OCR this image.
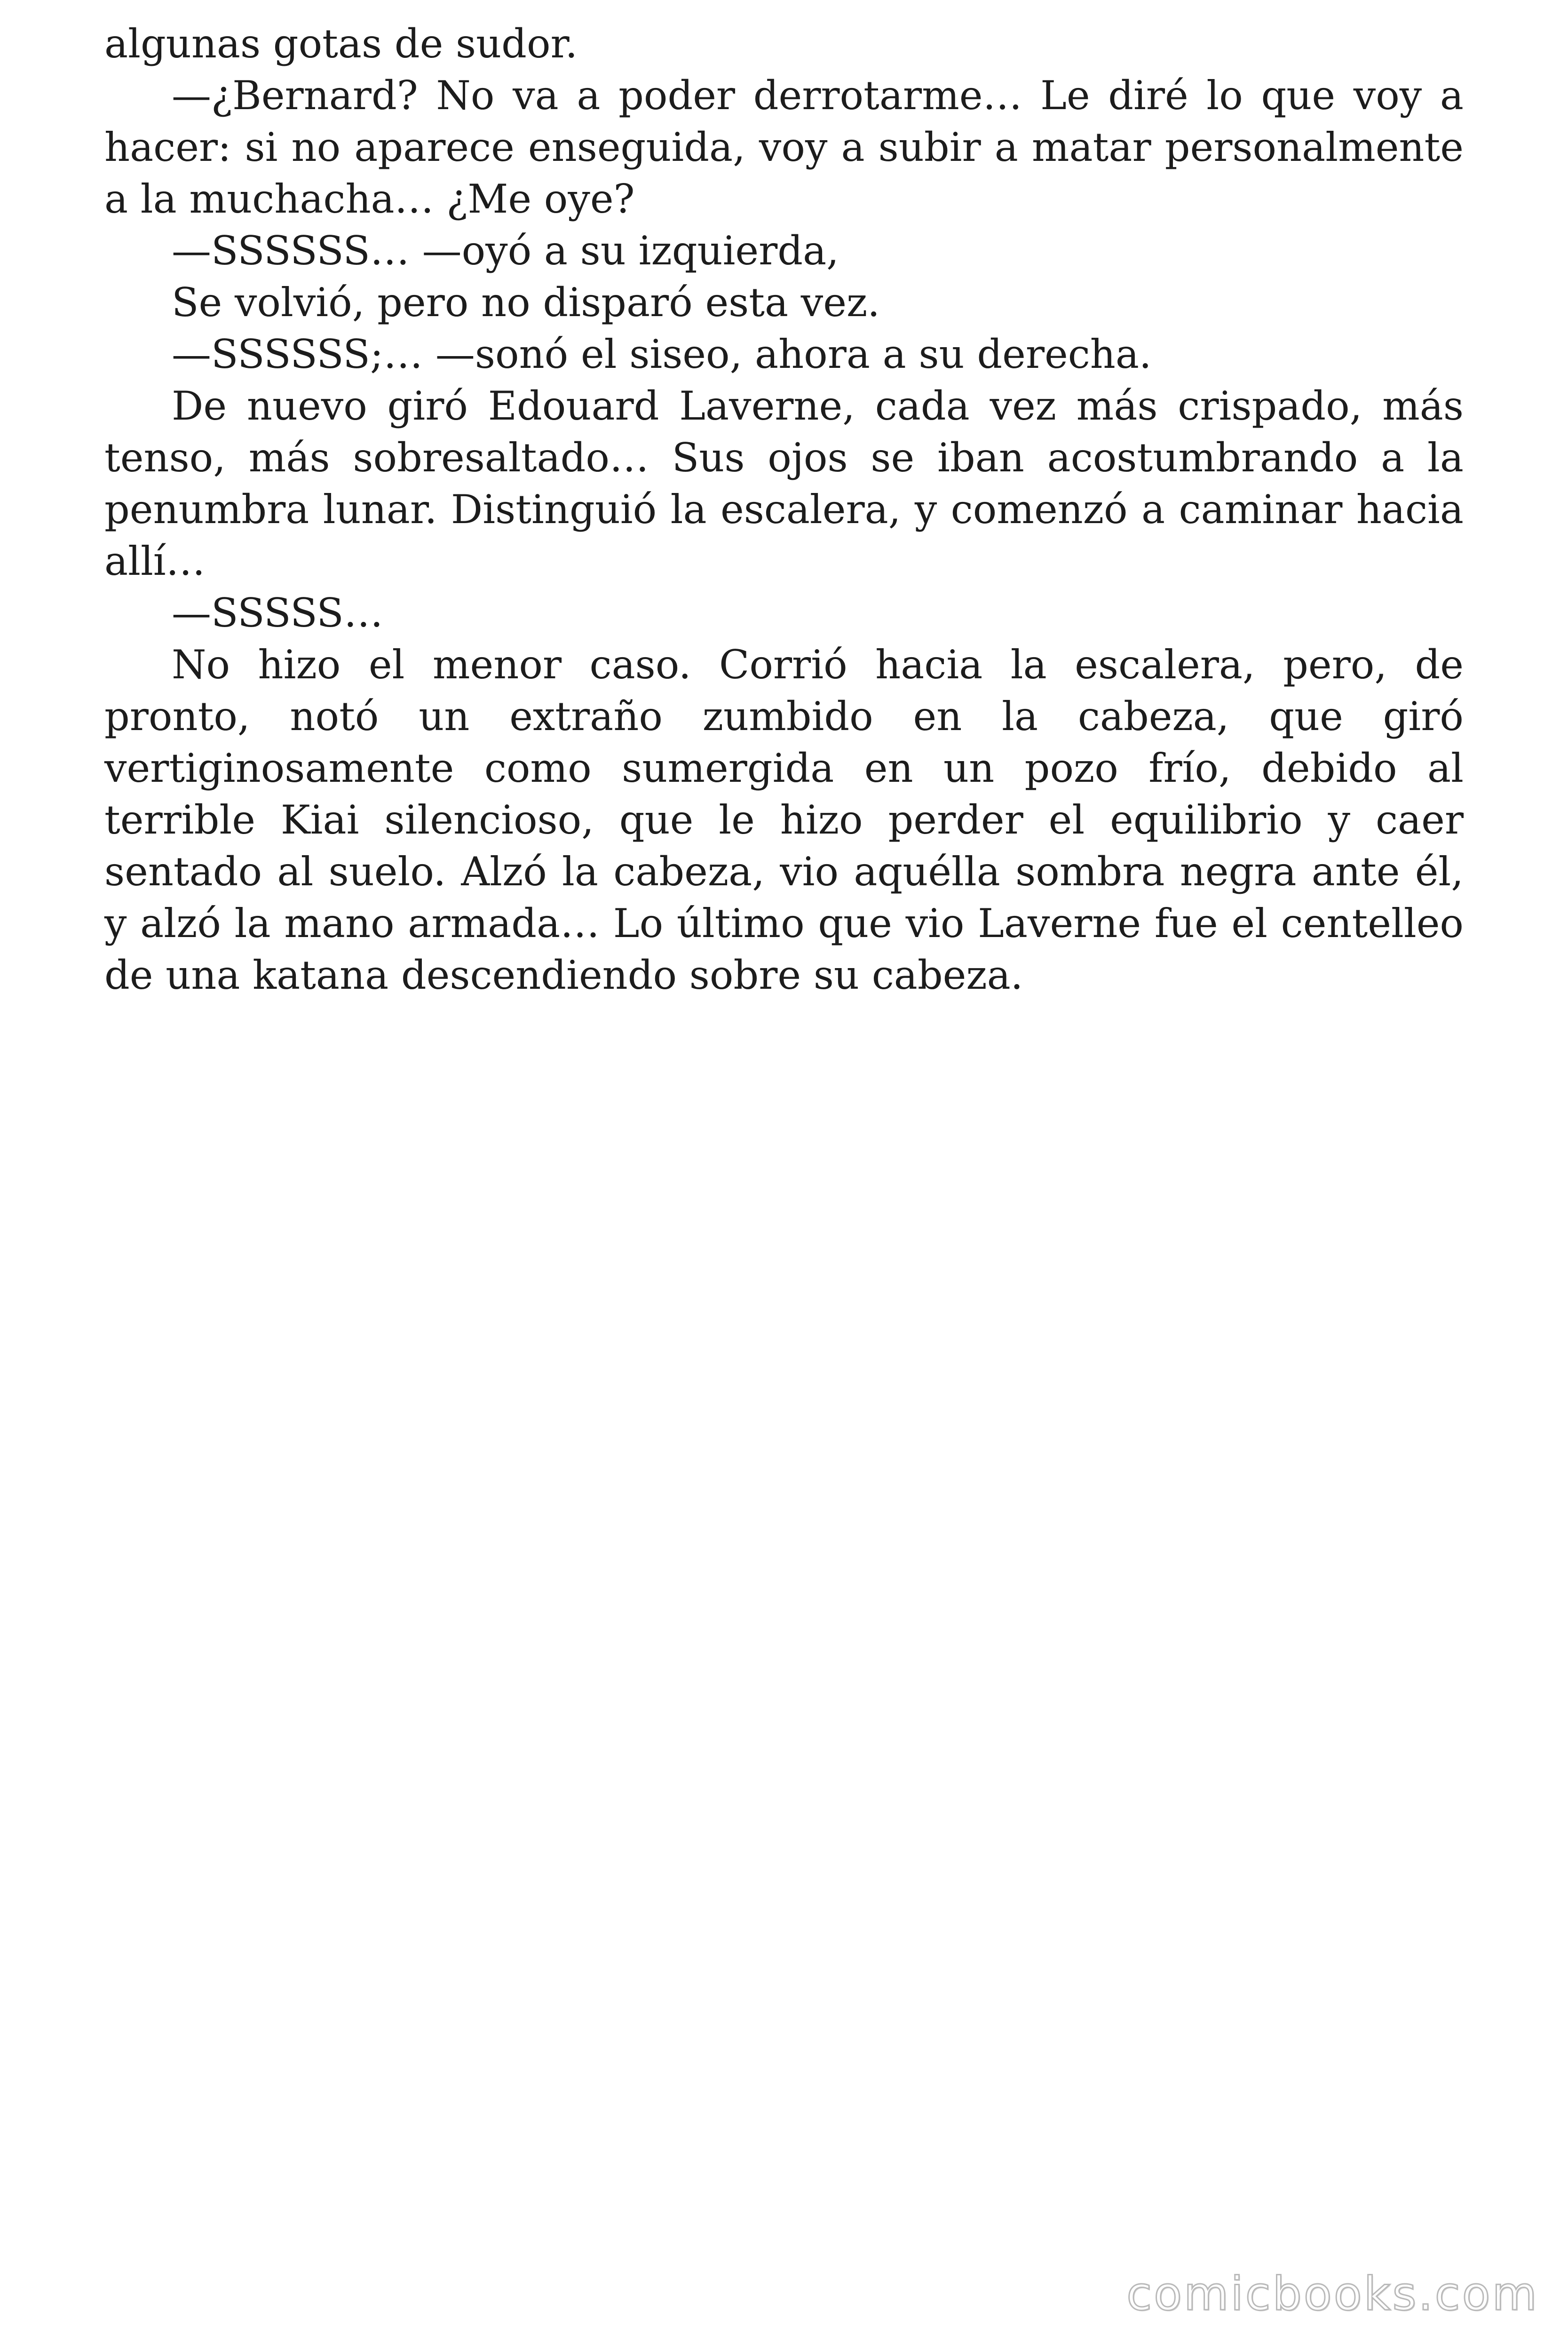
algunas gotas de sudor.

—¿Bernard? No va a poder derrotarme… Le diré lo que voy a hacer: si no aparece enseguida, voy a subir a matar personalmente a la muchacha… ¿Me oye?

—SSSSSS… —oyó a su izquierda,

Se volvió, pero no disparó esta vez.

—SSSSSS;… —sonó el siseo, ahora a su derecha.

De nuevo giró Edouard Laverne, cada vez más crispado, más tenso, más sobresaltado… Sus ojos se iban acostumbrando a la penumbra lunar. Distinguió la escalera, y comenzó a caminar hacia allí…

—SSSSS…

No hizo el menor caso. Corrió hacia la escalera, pero, de pronto, notó un extraño zumbido en la cabeza, que giró vertiginosamente como sumergida en un pozo frío, debido al terrible Kiai silencioso, que le hizo perder el equilibrio y caer sentado al suelo. Alzó la cabeza, vio aquélla sombra negra ante él, y alzó la mano armada… Lo último que vio Laverne fue el centelleo de una katana descendiendo sobre su cabeza.

comicbooks.com
